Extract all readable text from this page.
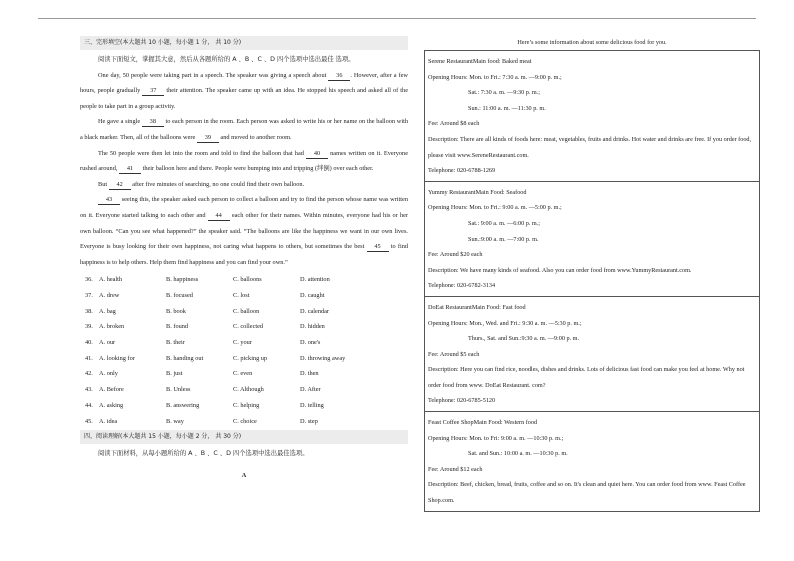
三、完形填空(本大题共 10 小题，每小题 1 分， 共 10 分)

阅读下面短文，掌握其大意，然后从各题所给的 A 、B 、C 、D 四个选项中选出最佳 选项。

One day, 50 people were taking part in a speech. The speaker was giving a speech about 36 . However, after a few hours, people gradually 37 their attention. The speaker came up with an idea. He stopped his speech and asked all of the people to take part in a group activity.

He gave a single 38 to each person in the room. Each person was asked to write his or her name on the balloon with a black marker. Then, all of the balloons were 39 and moved to another room.

The 50 people were then let into the room and told to find the balloon that had 40 names written on it. Everyone rushed around, 41 their balloon here and there. People were bumping into and tripping (绊倒) over each other.

But 42 after five minutes of searching, no one could find their own balloon.

43 seeing this, the speaker asked each person to collect a balloon and try to find the person whose name was written on it. Everyone started talking to each other and 44 each other for their names. Within minutes, everyone had his or her own balloon. “Can you see what happened?” the speaker said. “The balloons are like the happiness we want in our own lives. Everyone is busy looking for their own happiness, not caring what happens to others, but sometimes the best 45 to find happiness is to help others. Help them find happiness and you can find your own.”

36. A. health	B. happiness	C. balloons	D. attention
37. A. drew	B. focused	C. lost	D. caught
38. A. bag	B. book	C. balloon	D. calendar
39. A. broken	B. found	C. collected	D. hidden
40. A. our	B. their	C. your	D. one's
41. A. looking for	B. handing out	C. picking up	D. throwing away
42. A. only	B. just	C. even	D. then
43. A. Before	B. Unless	C. Although	D. After
44. A. asking	B. answering	C. helping	D. telling
45. A. idea	B. way	C. choice	D. step
四、阅读理解(本大题共 15 小题，每小题 2 分， 共 30 分)
阅读下面材料，从每小题所给的 A 、B 、C 、D 四个选项中选出最佳选项。
A
Here’s some information about some delicious food for you.
Serene RestaurantMain food: Baked meat
Opening Hours: Mon. to Fri.: 7:30 a. m. —9:00 p. m.;
Sat.: 7:30 a. m. —9:30 p. m.;
Sun.: 11:00 a. m. —11:30 p. m.
Fee: Around $8 each
Description: There are all kinds of foods here: meat, vegetables, fruits and drinks. Hot water and drinks are free. If you order food, please visit www.SereneRestaurant.com.
Telephone: 020-6788-1269
Yummy RestaurantMain Food: Seafood
Opening Hours: Mon. to Fri.: 9:00 a. m. —5:00 p. m.;
Sat.: 9:00 a. m. —6:00 p. m.;
Sun.:9:00 a. m. —7:00 p. m.
Fee: Around $20 each
Description: We have many kinds of seafood. Also you can order food from www.YummyRestaurant.com.
Telephone: 020-6782-3134
DoEat RestaurantMain Food: Fast food
Opening Hours: Mon., Wed. and Fri.: 9:30 a. m. —5:30 p. m.;
Thurs., Sat. and Sun.:9:30 a. m. —9:00 p. m.
Fee: Around $5 each
Description: Here you can find rice, noodles, dishes and drinks. Lots of delicious fast food can make you feel at home. Why not order food from www. DoEat Restaurant. com?
Telephone: 020-6785-5120
Feast Coffee ShopMain Food: Western food
Opening Hours: Mon. to Fri: 9:00 a. m. —10:30 p. m.;
Sat. and Sun.: 10:00 a. m. —10:30 p. m.
Fee: Around $12 each
Description: Beef, chicken, bread, fruits, coffee and so on. It's clean and quiet here. You can order food from www. Feast Coffee Shop.com.
